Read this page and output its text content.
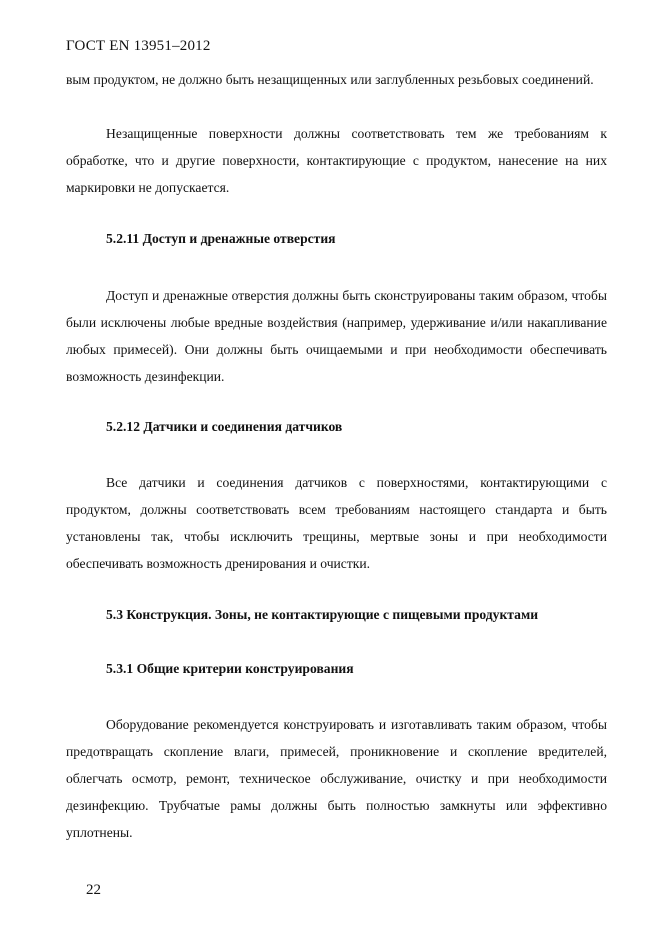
ГОСТ EN 13951–2012

вым продуктом, не должно быть незащищенных или заглубленных резьбовых соединений.

Незащищенные поверхности должны соответствовать тем же требованиям к обработке, что и другие поверхности, контактирующие с продуктом, нанесение на них маркировки не допускается.

5.2.11 Доступ и дренажные отверстия

Доступ и дренажные отверстия должны быть сконструированы таким образом, чтобы были исключены любые вредные воздействия (например, удерживание и/или накапливание любых примесей). Они должны быть очищаемыми и при необходимости обеспечивать возможность дезинфекции.

5.2.12 Датчики и соединения датчиков

Все датчики и соединения датчиков с поверхностями, контактирующими с продуктом, должны соответствовать всем требованиям настоящего стандарта и быть установлены так, чтобы исключить трещины, мертвые зоны и при необходимости обеспечивать возможность дренирования и очистки.

5.3 Конструкция. Зоны, не контактирующие с пищевыми продуктами
5.3.1 Общие критерии конструирования

Оборудование рекомендуется конструировать и изготавливать таким образом, чтобы предотвращать скопление влаги, примесей, проникновение и скопление вредителей, облегчать осмотр, ремонт, техническое обслуживание, очистку и при необходимости дезинфекцию. Трубчатые рамы должны быть полностью замкнуты или эффективно уплотнены.

22
